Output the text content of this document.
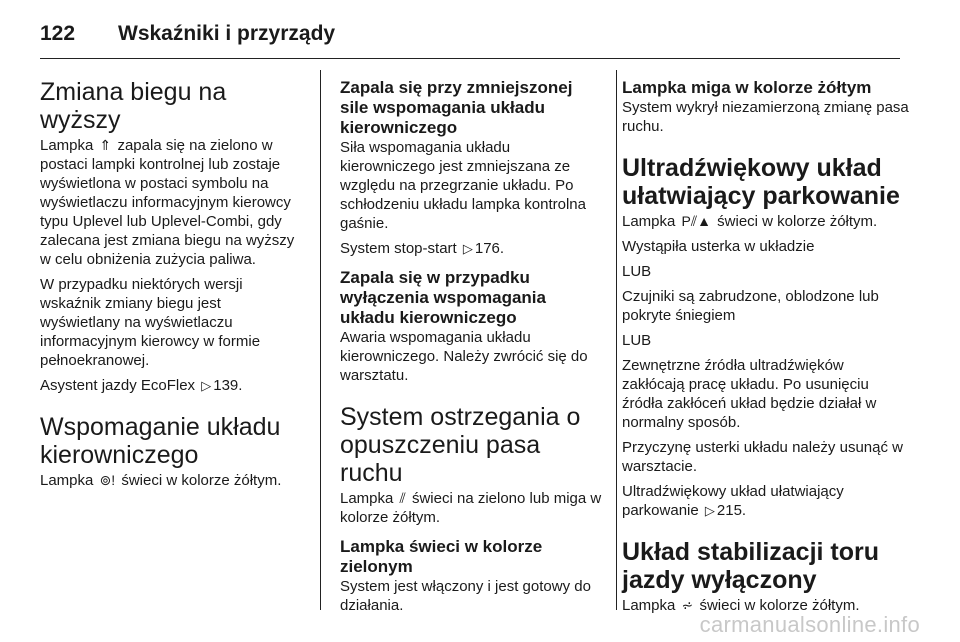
122	Wskaźniki i przyrządy
Zmiana biegu na wyższy

Lampka ⇑ zapala się na zielono w postaci lampki kontrolnej lub zostaje wyświetlona w postaci symbolu na wyświetlaczu informacyjnym kierowcy typu Uplevel lub Uplevel-Combi, gdy zalecana jest zmiana biegu na wyższy w celu obniżenia zużycia paliwa.

W przypadku niektórych wersji wskaźnik zmiany biegu jest wyświetlany na wyświetlaczu informacyjnym kierowcy w formie pełnoekranowej.

Asystent jazdy EcoFlex ▷ 139.

Wspomaganie układu kierowniczego

Lampka ⊚! świeci w kolorze żółtym.

Zapala się przy zmniejszonej sile wspomagania układu kierowniczego

Siła wspomagania układu kierowniczego jest zmniejszana ze względu na przegrzanie układu. Po schłodzeniu układu lampka kontrolna gaśnie.

System stop-start ▷ 176.

Zapala się w przypadku wyłączenia wspomagania układu kierowniczego

Awaria wspomagania układu kierowniczego. Należy zwrócić się do warsztatu.

System ostrzegania o opuszczeniu pasa ruchu

Lampka ⫽ świeci na zielono lub miga w kolorze żółtym.

Lampka świeci w kolorze zielonym

System jest włączony i jest gotowy do działania.

Lampka miga w kolorze żółtym

System wykrył niezamierzoną zmianę pasa ruchu.

Ultradźwiękowy układ ułatwiający parkowanie

Lampka P⫽▲ świeci w kolorze żółtym.

Wystąpiła usterka w układzie

LUB

Czujniki są zabrudzone, oblodzone lub pokryte śniegiem

LUB

Zewnętrzne źródła ultradźwięków zakłócają pracę układu. Po usunięciu źródła zakłóceń układ będzie działał w normalny sposób.

Przyczynę usterki układu należy usunąć w warsztacie.

Ultradźwiękowy układ ułatwiający parkowanie ▷ 215.

Układ stabilizacji toru jazdy wyłączony

Lampka ⩫ świeci w kolorze żółtym.

carmanualsonline.info
